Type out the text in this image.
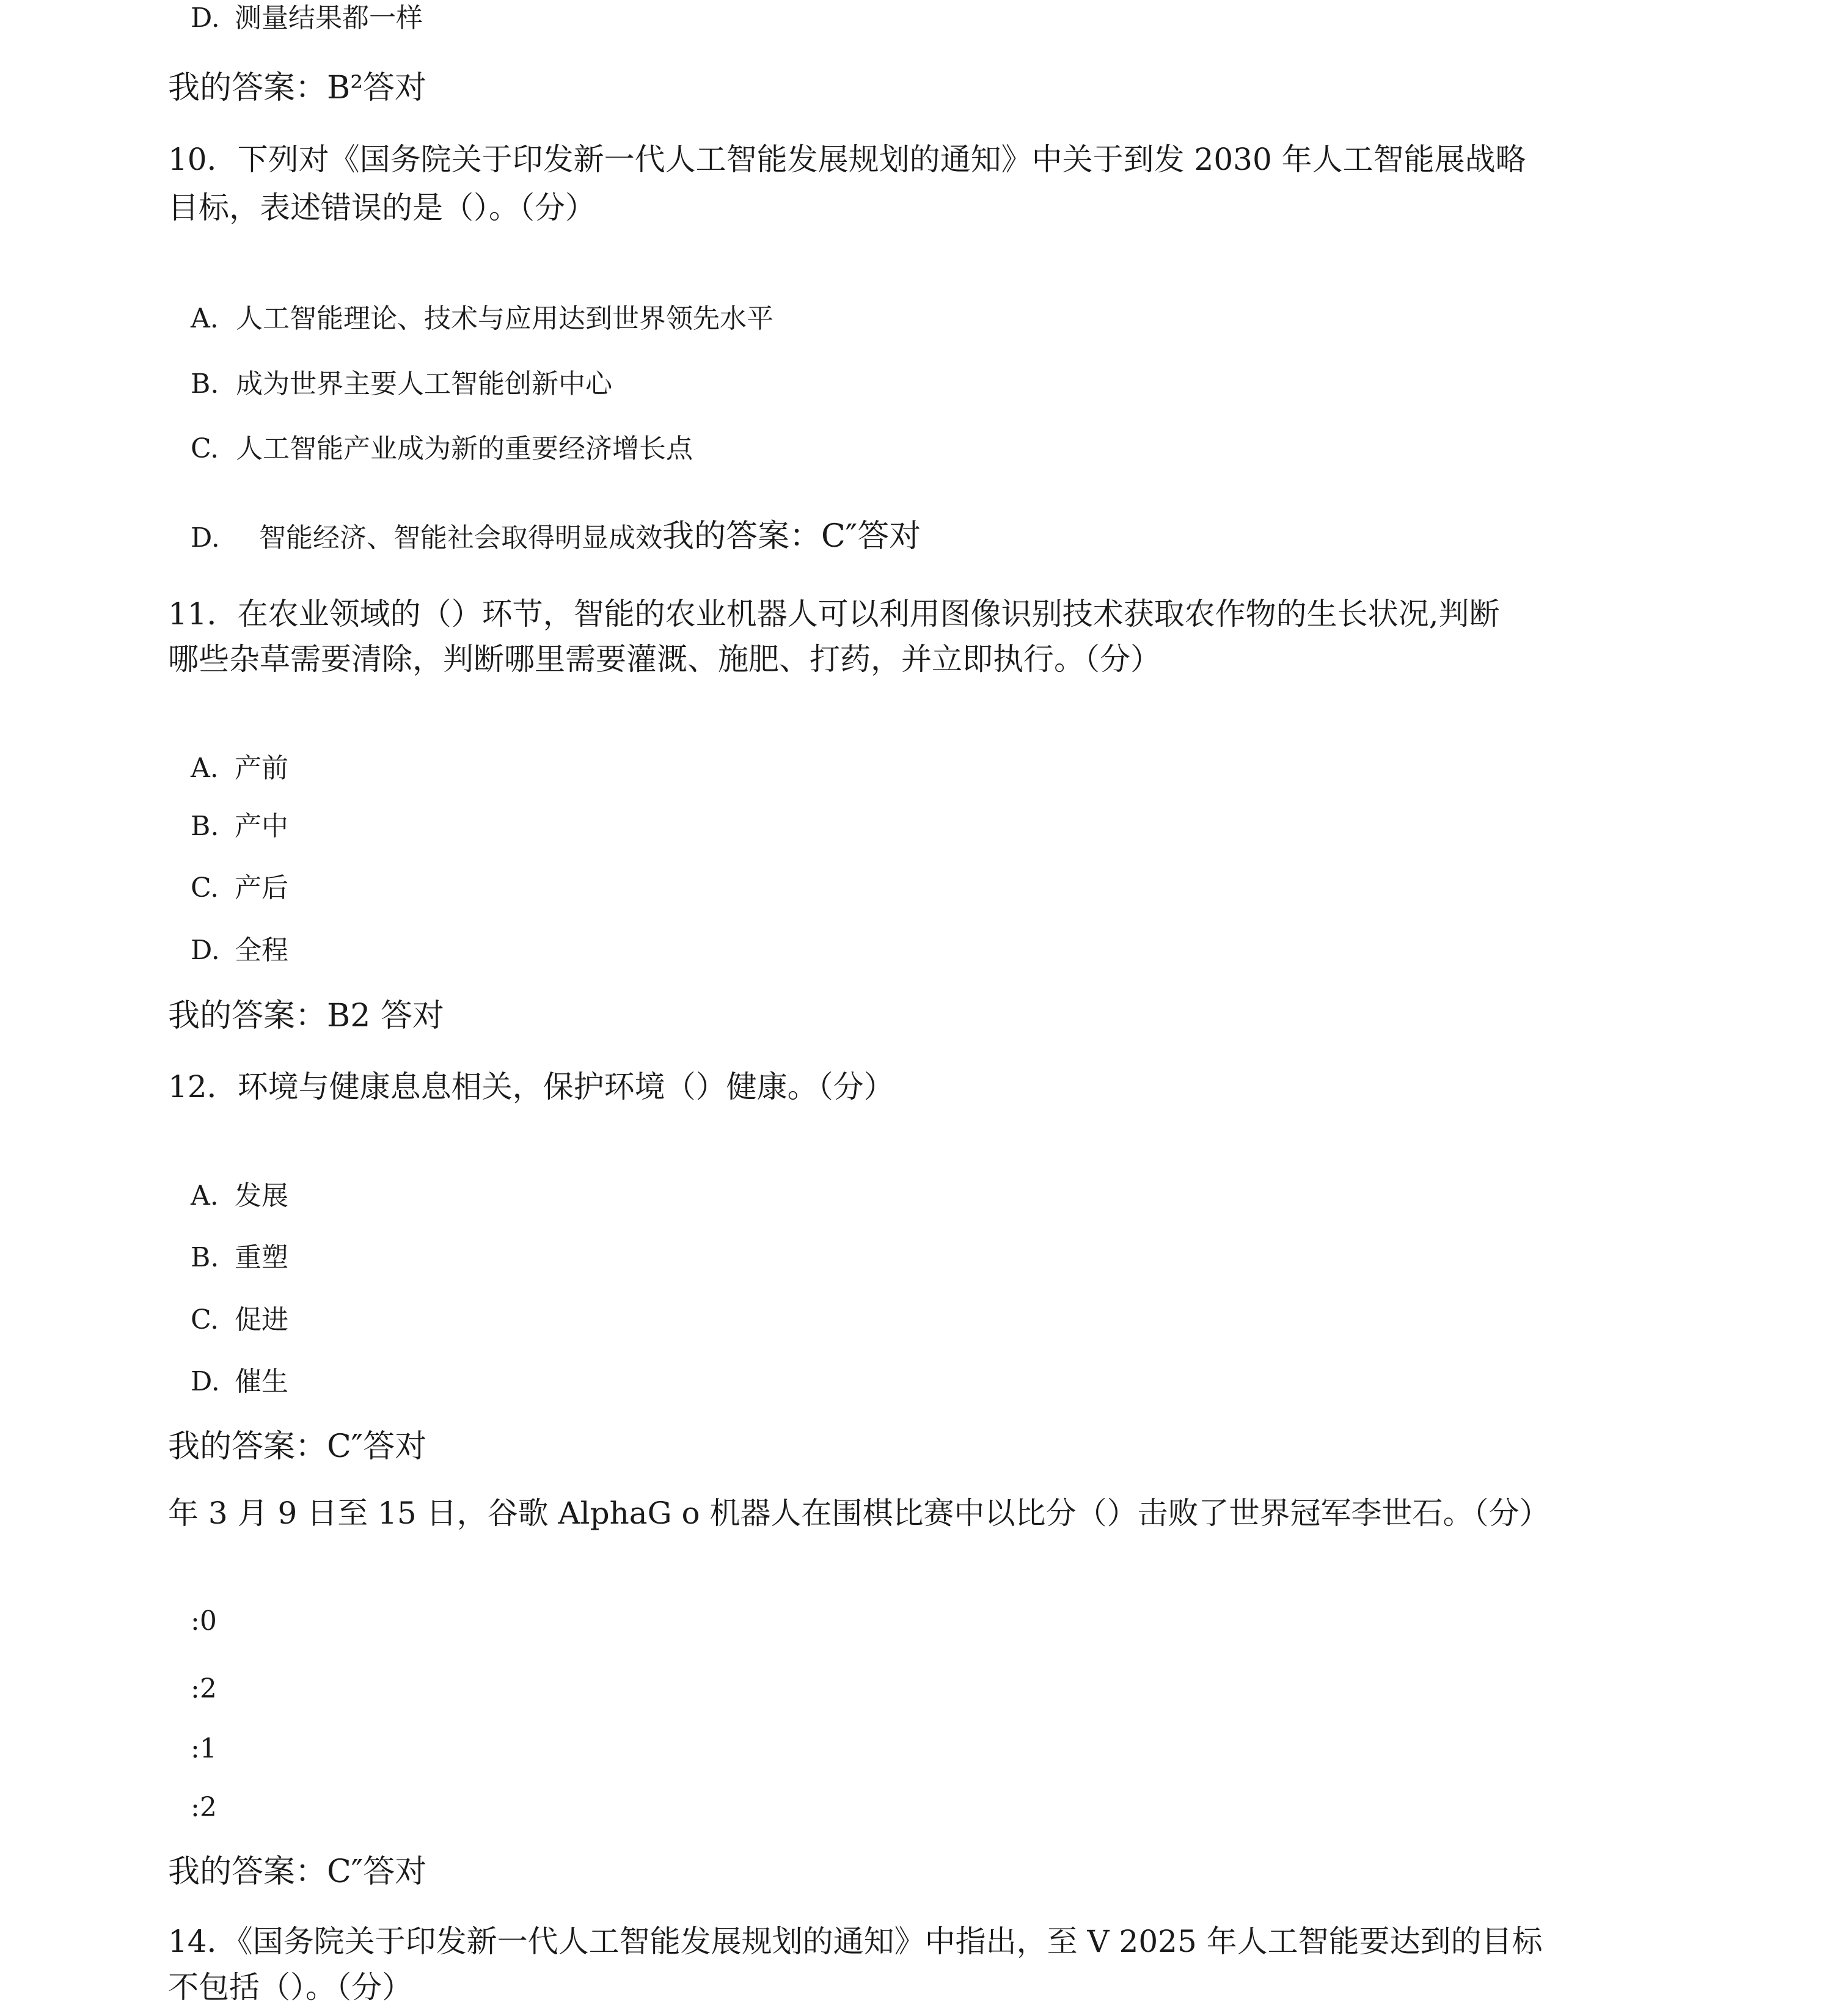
D. 测量结果都一样
我的答案：B²答对
10．下列对《国务院关于印发新一代人工智能发展规划的通知》中关于到发 2030 年人工智能展战略
目标，表述错误的是（）。（分）
A. 人工智能理论、技术与应用达到世界领先水平
B. 成为世界主要人工智能创新中心
C. 人工智能产业成为新的重要经济增长点
D. 智能经济、智能社会取得明显成效我的答案：C″答对
11．在农业领域的（）环节，智能的农业机器人可以利用图像识别技术获取农作物的生长状况,判断
哪些杂草需要清除，判断哪里需要灌溉、施肥、打药，并立即执行。（分）
A. 产前
B. 产中
C. 产后
D. 全程
我的答案：B2 答对
12．环境与健康息息相关，保护环境（）健康。（分）
A. 发展
B. 重塑
C. 促进
D. 催生
我的答案：C″答对
年 3 月 9 日至 15 日，谷歌 AlphaG o 机器人在围棋比赛中以比分（）击败了世界冠军李世石。（分）
:0
:2
:1
:2
我的答案：C″答对
14．《国务院关于印发新一代人工智能发展规划的通知》中指出，至 V 2025 年人工智能要达到的目标
不包括（）。（分）
